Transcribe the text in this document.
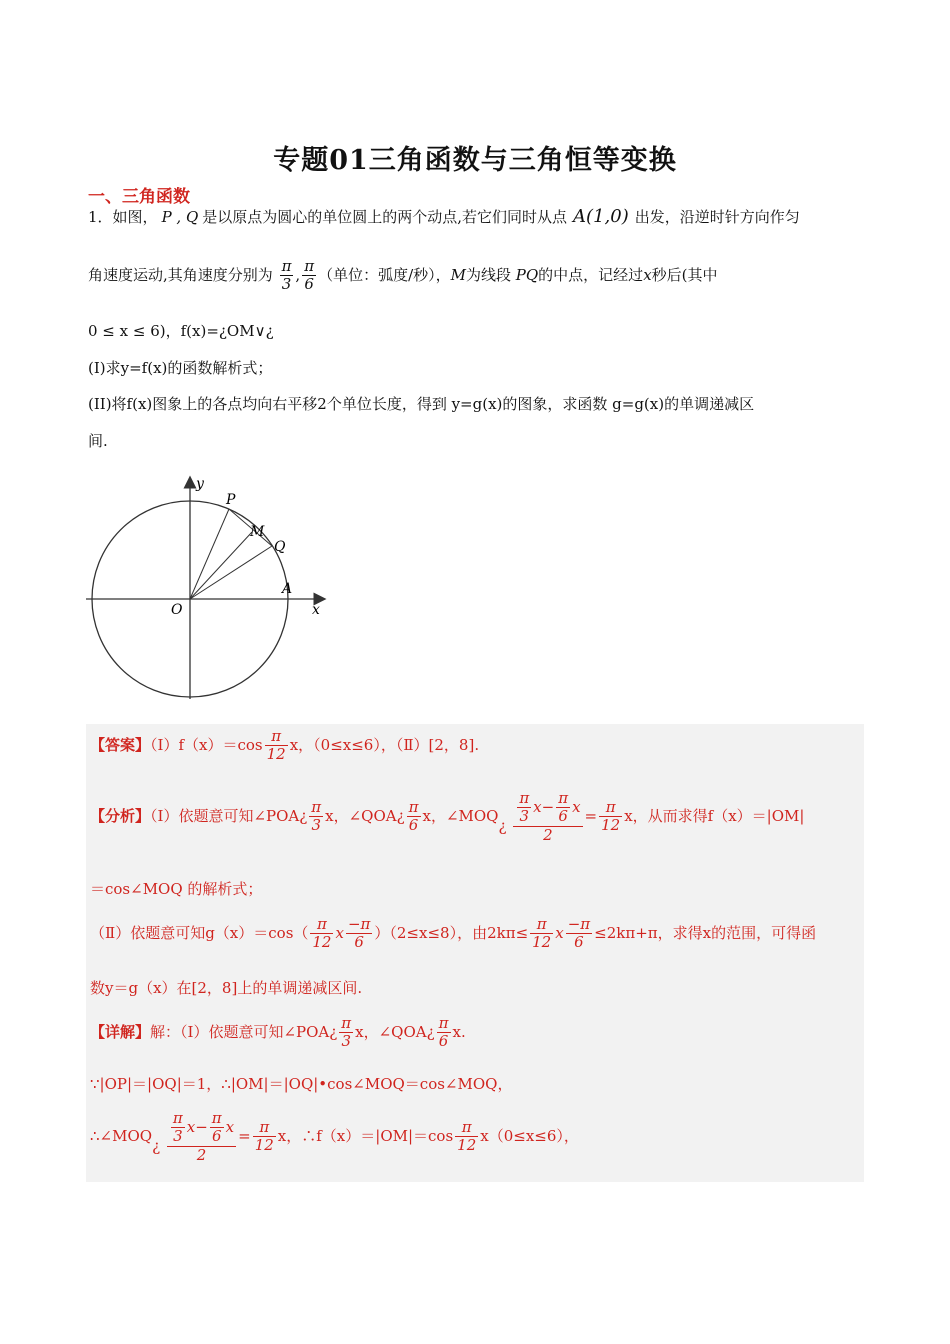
专题01三角函数与三角恒等变换
一、三角函数
1．如图， P , Q 是以原点为圆心的单位圆上的两个动点,若它们同时从点 A(1,0) 出发，沿逆时针方向作匀
角速度运动,其角速度分别为 $\frac{\pi}{3}$ , $\frac{\pi}{6}$ （单位：弧度/秒），M为线段 PQ的中点，记经过x秒后(其中
0 ≤ x ≤ 6)，f(x)=¿OM∨¿
(I)求y=f(x)的函数解析式；
(II)将f(x)图象上的各点均向右平移2个单位长度，得到 y=g(x)的图象，求函数 g=g(x)的单调递减区
间.
y
x
P
M
Q
A
O
【答案】（Ⅰ）f（x）＝cos $\frac{\pi}{12}$ x，（0≤x≤6），（Ⅱ）[2，8].
【分析】（Ⅰ）依题意可知∠POA¿ $\frac{\pi}{3}$ x，∠QOA¿ $\frac{\pi}{6}$ x，∠MOQ¿ $\frac{\frac{\pi}{3} x- \frac{\pi}{6} x}{2} = \frac{\pi}{12}$ x，从而求得f（x）＝|OM|
＝cos∠MOQ 的解析式；
（Ⅱ）依题意可知$g(x)=\cos( \frac{\pi}{12}$ x $\frac{-\pi}{6} )(2\le x\le 8)$，由$2k\pi\le \frac{\pi}{12}$ x $\frac{-\pi}{6} \le 2k\pi+\pi$，求得x的范围，可得函
数y＝g（x）在[2，8]上的单调递减区间.
【详解】解：（Ⅰ）依题意可知∠POA¿ $\frac{\pi}{3}$ x，∠QOA¿ $\frac{\pi}{6} x$.
∵|OP|＝|OQ|＝1，∴|OM|＝|OQ|•cos∠MOQ＝cos∠MOQ，
∴∠MOQ¿ $\frac{\frac{\pi}{3} x- \frac{\pi}{6} x}{2} = \frac{\pi}{12}$ x，∴f（x）＝|OM|＝cos $\frac{\pi}{12} x(0\le x\le 6)$，
